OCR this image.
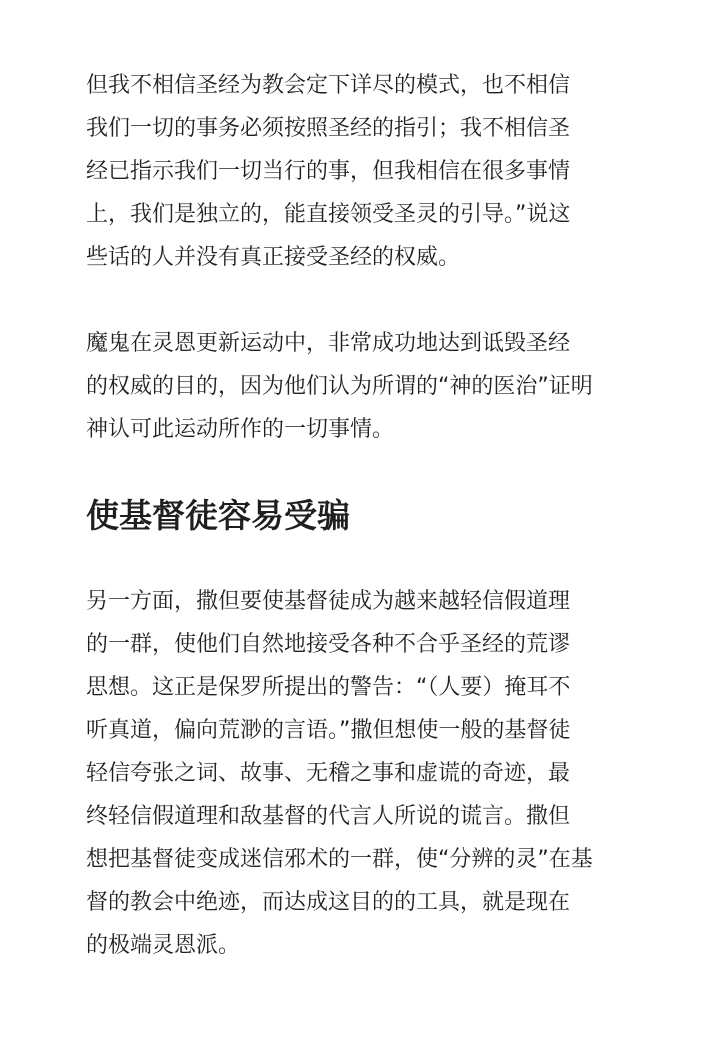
但我不相信圣经为教会定下详尽的模式，也不相信
我们一切的事务必须按照圣经的指引；我不相信圣
经已指示我们一切当行的事，但我相信在很多事情
上，我们是独立的，能直接领受圣灵的引导。”说这
些话的人并没有真正接受圣经的权威。

魔鬼在灵恩更新运动中，非常成功地达到诋毁圣经
的权威的目的，因为他们认为所谓的“神的医治”证明
神认可此运动所作的一切事情。

使基督徒容易受骗

另一方面，撒但要使基督徒成为越来越轻信假道理
的一群，使他们自然地接受各种不合乎圣经的荒谬
思想。这正是保罗所提出的警告：“（人要）掩耳不
听真道，偏向荒渺的言语。”撒但想使一般的基督徒
轻信夸张之词、故事、无稽之事和虚谎的奇迹，最
终轻信假道理和敌基督的代言人所说的谎言。撒但
想把基督徒变成迷信邪术的一群，使“分辨的灵”在基
督的教会中绝迹，而达成这目的的工具，就是现在
的极端灵恩派。
